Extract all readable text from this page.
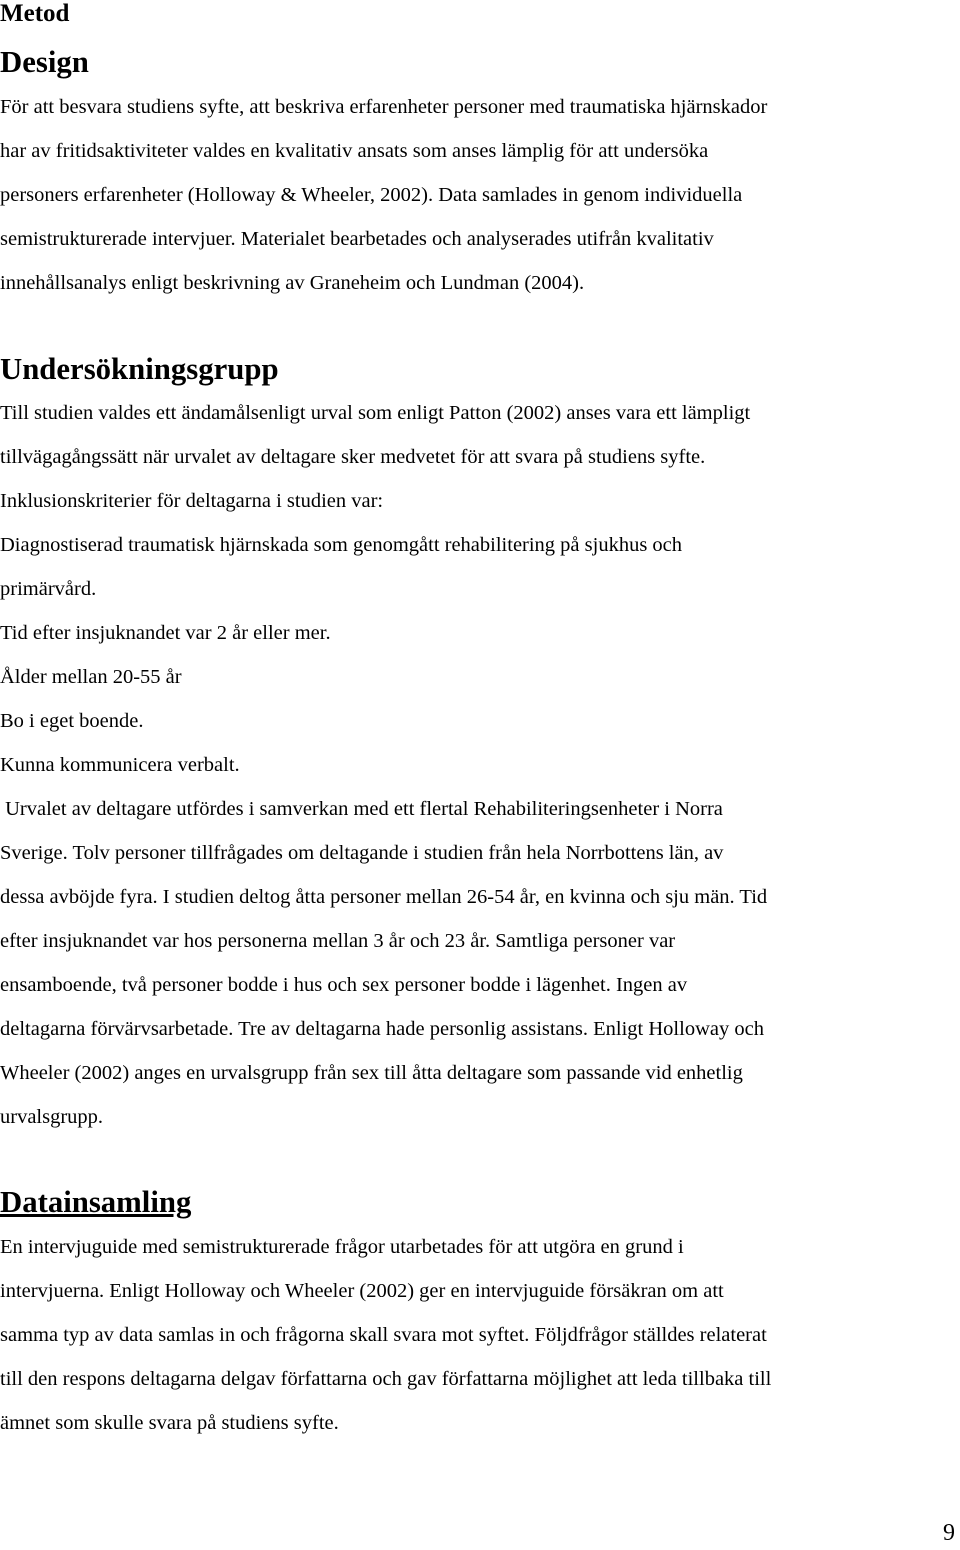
Metod
Design

För att besvara studiens syfte, att beskriva erfarenheter personer med traumatiska hjärnskador
har av fritidsaktiviteter valdes en kvalitativ ansats som anses lämplig för att undersöka
personers erfarenheter (Holloway & Wheeler, 2002). Data samlades in genom individuella
semistrukturerade intervjuer. Materialet bearbetades och analyserades utifrån kvalitativ
innehållsanalys enligt beskrivning av Graneheim och Lundman (2004).

Undersökningsgrupp

Till studien valdes ett ändamålsenligt urval som enligt Patton (2002) anses vara ett lämpligt
tillvägagångssätt när urvalet av deltagare sker medvetet för att svara på studiens syfte.
Inklusionskriterier för deltagarna i studien var:
Diagnostiserad traumatisk hjärnskada som genomgått rehabilitering på sjukhus och
primärvård.
Tid efter insjuknandet var 2 år eller mer.
Ålder mellan 20-55 år
Bo i eget boende.
Kunna kommunicera verbalt.
Urvalet av deltagare utfördes i samverkan med ett flertal Rehabiliteringsenheter i Norra
Sverige. Tolv personer tillfrågades om deltagande i studien från hela Norrbottens län, av
dessa avböjde fyra. I studien deltog åtta personer mellan 26-54 år, en kvinna och sju män. Tid
efter insjuknandet var hos personerna mellan 3 år och 23 år. Samtliga personer var
ensamboende, två personer bodde i hus och sex personer bodde i lägenhet. Ingen av
deltagarna förvärvsarbetade. Tre av deltagarna hade personlig assistans. Enligt Holloway och
Wheeler (2002) anges en urvalsgrupp från sex till åtta deltagare som passande vid enhetlig
urvalsgrupp.

Datainsamling

En intervjuguide med semistrukturerade frågor utarbetades för att utgöra en grund i
intervjuerna. Enligt Holloway och Wheeler (2002) ger en intervjuguide försäkran om att
samma typ av data samlas in och frågorna skall svara mot syftet. Följdfrågor ställdes relaterat
till den respons deltagarna delgav författarna och gav författarna möjlighet att leda tillbaka till
ämnet som skulle svara på studiens syfte.

9
